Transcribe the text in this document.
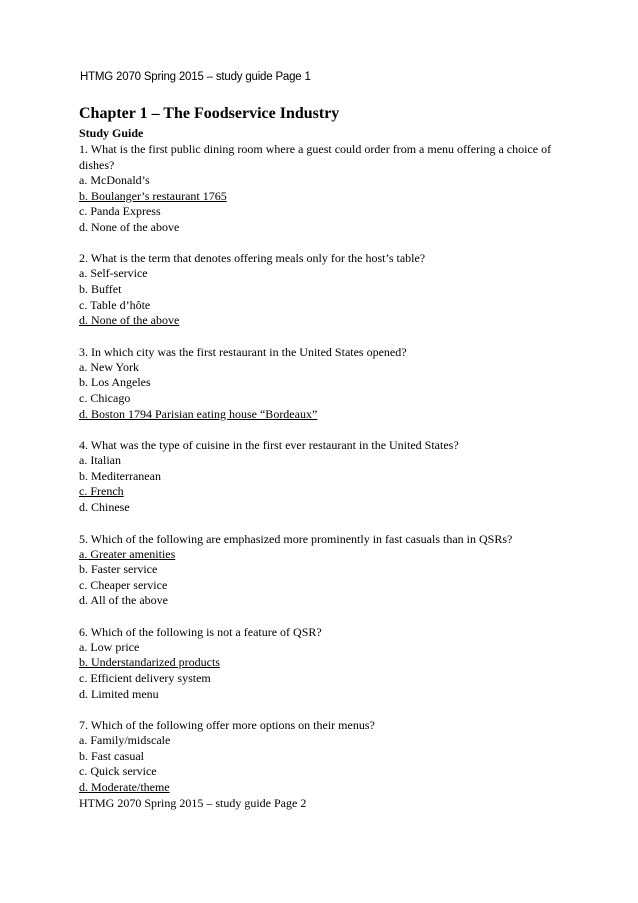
HTMG 2070 Spring 2015 – study guide Page 1
Chapter 1 – The Foodservice Industry
Study Guide
1. What is the first public dining room where a guest could order from a menu offering a choice of dishes?
a. McDonald’s
b. Boulanger’s restaurant 1765
c. Panda Express
d. None of the above
2. What is the term that denotes offering meals only for the host’s table?
a. Self-service
b. Buffet
c. Table d’hôte
d. None of the above
3. In which city was the first restaurant in the United States opened?
a. New York
b. Los Angeles
c. Chicago
d. Boston 1794 Parisian eating house “Bordeaux”
4. What was the type of cuisine in the first ever restaurant in the United States?
a. Italian
b. Mediterranean
c. French
d. Chinese
5. Which of the following are emphasized more prominently in fast casuals than in QSRs?
a. Greater amenities
b. Faster service
c. Cheaper service
d. All of the above
6. Which of the following is not a feature of QSR?
a. Low price
b. Understandarized products
c. Efficient delivery system
d. Limited menu
7. Which of the following offer more options on their menus?
a. Family/midscale
b. Fast casual
c. Quick service
d. Moderate/theme
HTMG 2070 Spring 2015 – study guide Page 2
